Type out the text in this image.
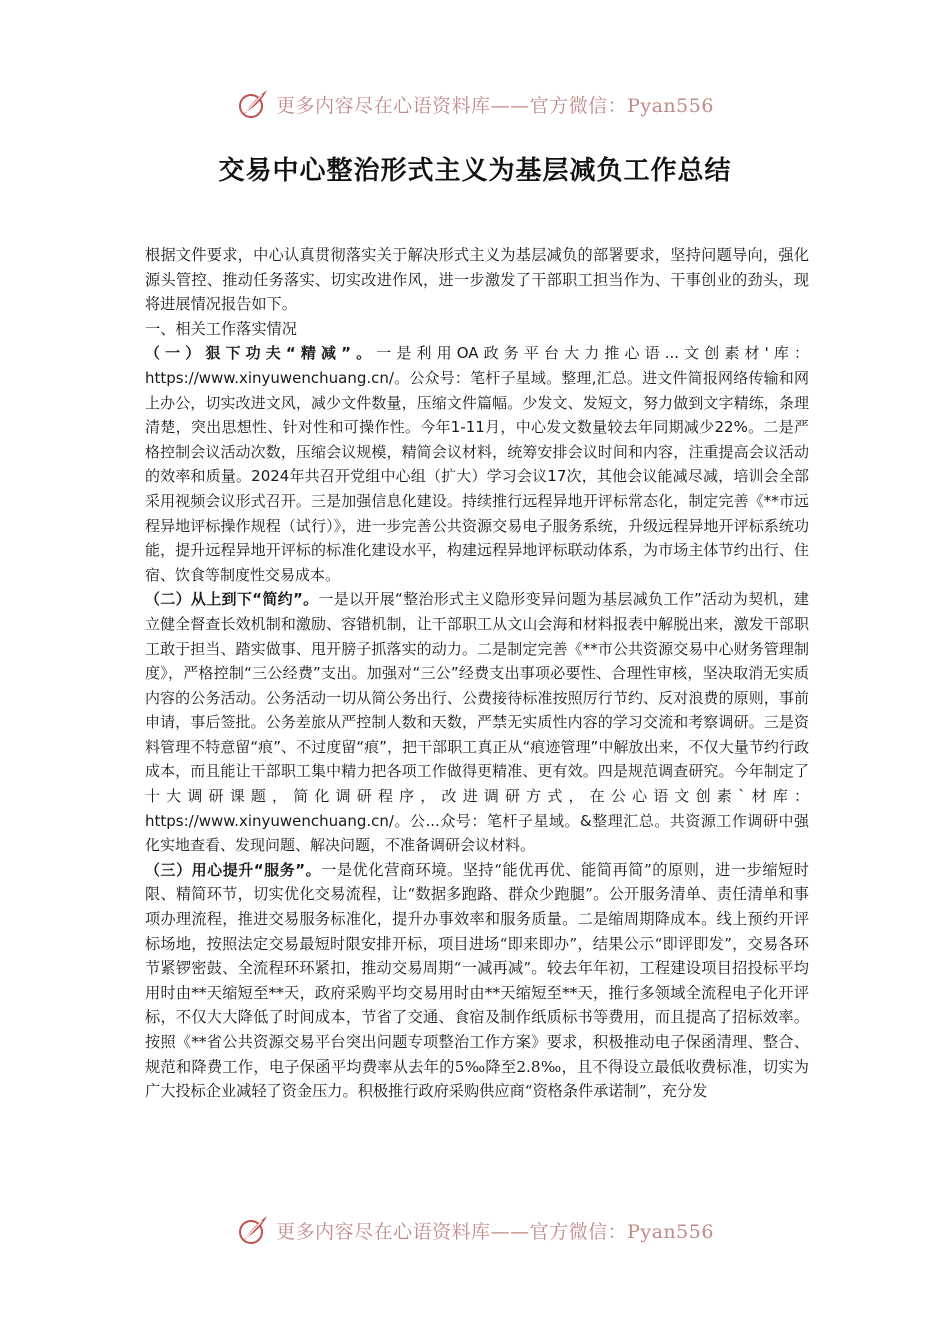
更多内容尽在心语资料库——官方微信：Pyan556
交易中心整治形式主义为基层减负工作总结

根据文件要求，中心认真贯彻落实关于解决形式主义为基层减负的部署要求，坚持问题导向，强化源头管控、推动任务落实、切实改进作风，进一步激发了干部职工担当作为、干事创业的劲头，现将进展情况报告如下。

一、相关工作落实情况

（一）狠下功夫“精减”。一是利用OA政务平台大力推心语...文创素材'库：https://www.xinyuwenchuang.cn/。公众号：笔杆子星域。整理,汇总。进文件简报网络传输和网上办公，切实改进文风，减少文件数量，压缩文件篇幅。少发文、发短文，努力做到文字精练，条理清楚，突出思想性、针对性和可操作性。今年1-11月，中心发文数量较去年同期减少22%。二是严格控制会议活动次数，压缩会议规模，精简会议材料，统筹安排会议时间和内容，注重提高会议活动的效率和质量。2024年共召开党组中心组（扩大）学习会议17次，其他会议能减尽减，培训会全部采用视频会议形式召开。三是加强信息化建设。持续推行远程异地开评标常态化，制定完善《**市远程异地评标操作规程（试行）》，进一步完善公共资源交易电子服务系统，升级远程异地开评标系统功能，提升远程异地开评标的标准化建设水平，构建远程异地评标联动体系，为市场主体节约出行、住宿、饮食等制度性交易成本。

（二）从上到下“简约”。一是以开展“整治形式主义隐形变异问题为基层减负工作”活动为契机，建立健全督查长效机制和激励、容错机制，让干部职工从文山会海和材料报表中解脱出来，激发干部职工敢于担当、踏实做事、甩开膀子抓落实的动力。二是制定完善《**市公共资源交易中心财务管理制度》，严格控制“三公经费”支出。加强对“三公”经费支出事项必要性、合理性审核，坚决取消无实质内容的公务活动。公务活动一切从简公务出行、公费接待标准按照厉行节约、反对浪费的原则，事前申请，事后签批。公务差旅从严控制人数和天数，严禁无实质性内容的学习交流和考察调研。三是资料管理不特意留“痕”、不过度留“痕”，把干部职工真正从“痕迹管理”中解放出来，不仅大量节约行政成本，而且能让干部职工集中精力把各项工作做得更精准、更有效。四是规范调查研究。今年制定了十大调研课题，简化调研程序，改进调研方式，在公心语文创素`材库：https://www.xinyuwenchuang.cn/。公...众号：笔杆子星域。&整理汇总。共资源工作调研中强化实地查看、发现问题、解决问题，不准备调研会议材料。

（三）用心提升“服务”。一是优化营商环境。坚持“能优再优、能简再简”的原则，进一步缩短时限、精简环节，切实优化交易流程，让“数据多跑路、群众少跑腿”。公开服务清单、责任清单和事项办理流程，推进交易服务标准化，提升办事效率和服务质量。二是缩周期降成本。线上预约开评标场地，按照法定交易最短时限安排开标，项目进场“即来即办”，结果公示“即评即发”，交易各环节紧锣密鼓、全流程环环紧扣，推动交易周期“一减再减”。较去年年初，工程建设项目招投标平均用时由**天缩短至**天，政府采购平均交易用时由**天缩短至**天，推行多领域全流程电子化开评标，不仅大大降低了时间成本，节省了交通、食宿及制作纸质标书等费用，而且提高了招标效率。按照《**省公共资源交易平台突出问题专项整治工作方案》要求，积极推动电子保函清理、整合、规范和降费工作，电子保函平均费率从去年的5‰降至2.8‰，且不得设立最低收费标准，切实为广大投标企业减轻了资金压力。积极推行政府采购供应商“资格条件承诺制”，充分发

更多内容尽在心语资料库——官方微信：Pyan556
